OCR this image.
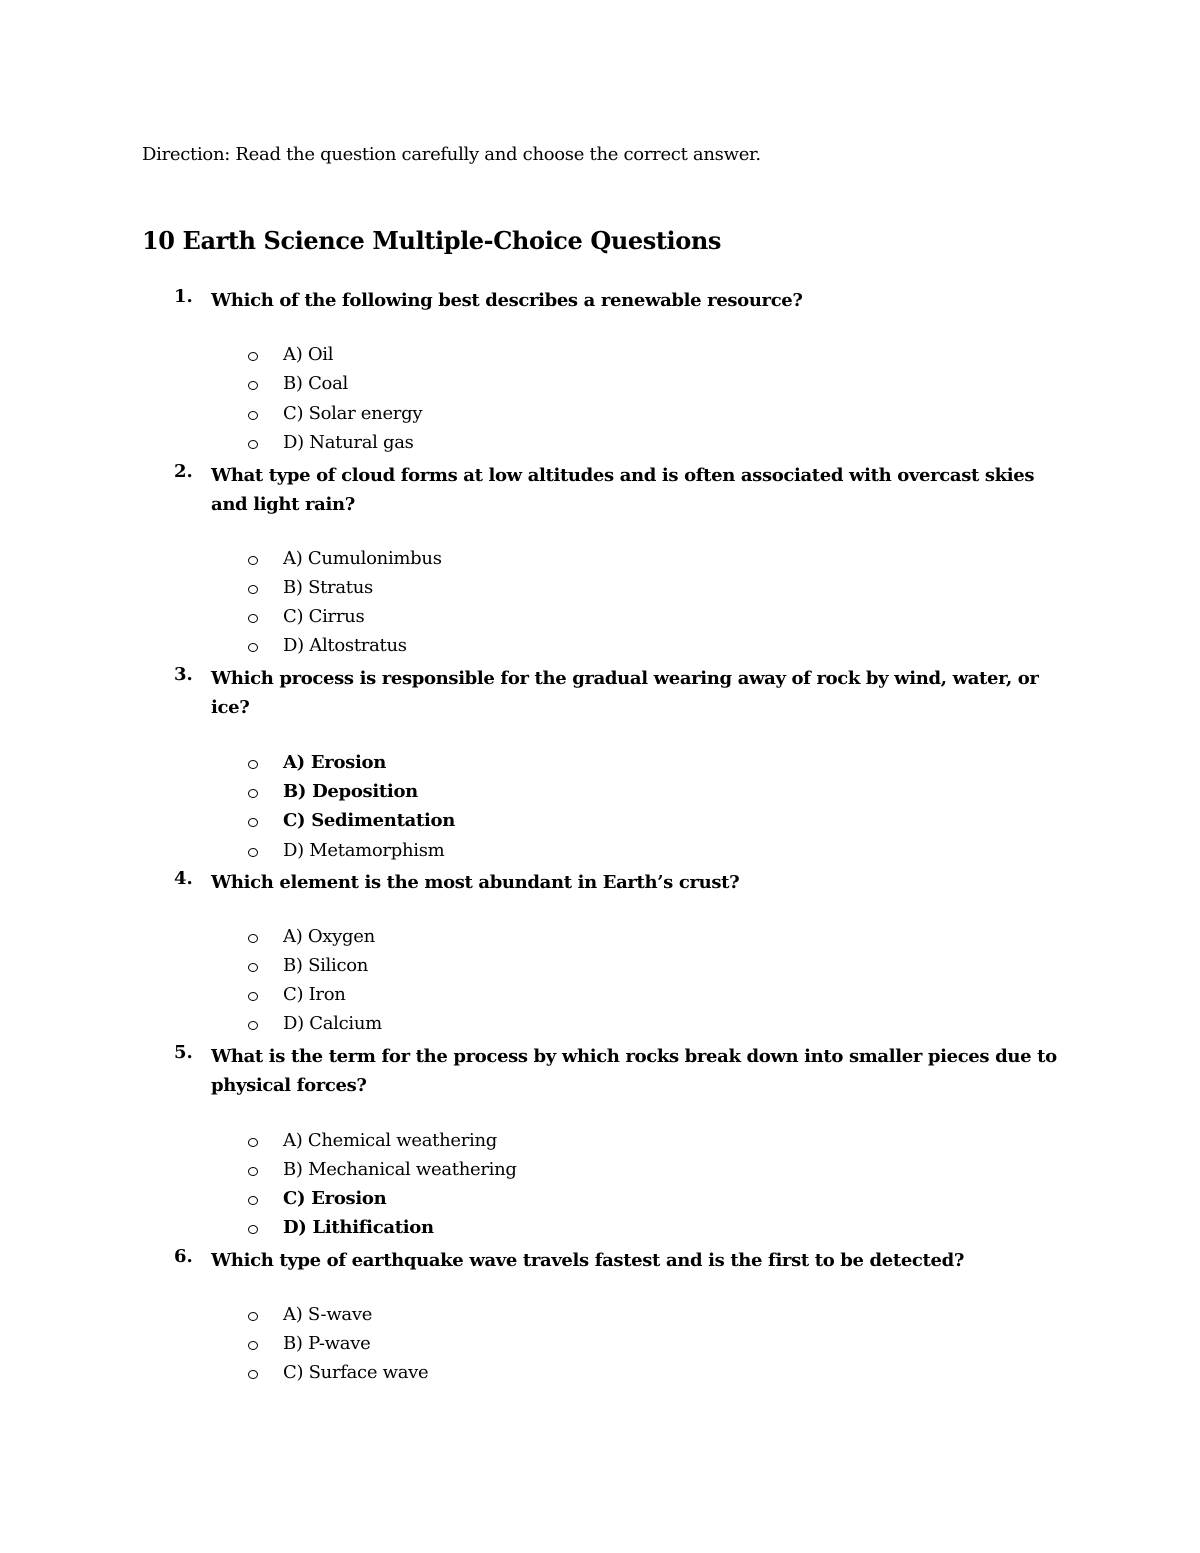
Direction: Read the question carefully and choose the correct answer.
10 Earth Science Multiple-Choice Questions
1. Which of the following best describes a renewable resource?
A) Oil
B) Coal
C) Solar energy
D) Natural gas
2. What type of cloud forms at low altitudes and is often associated with overcast skies and light rain?
A) Cumulonimbus
B) Stratus
C) Cirrus
D) Altostratus
3. Which process is responsible for the gradual wearing away of rock by wind, water, or ice?
A) Erosion
B) Deposition
C) Sedimentation
D) Metamorphism
4. Which element is the most abundant in Earth’s crust?
A) Oxygen
B) Silicon
C) Iron
D) Calcium
5. What is the term for the process by which rocks break down into smaller pieces due to physical forces?
A) Chemical weathering
B) Mechanical weathering
C) Erosion
D) Lithification
6. Which type of earthquake wave travels fastest and is the first to be detected?
A) S-wave
B) P-wave
C) Surface wave
